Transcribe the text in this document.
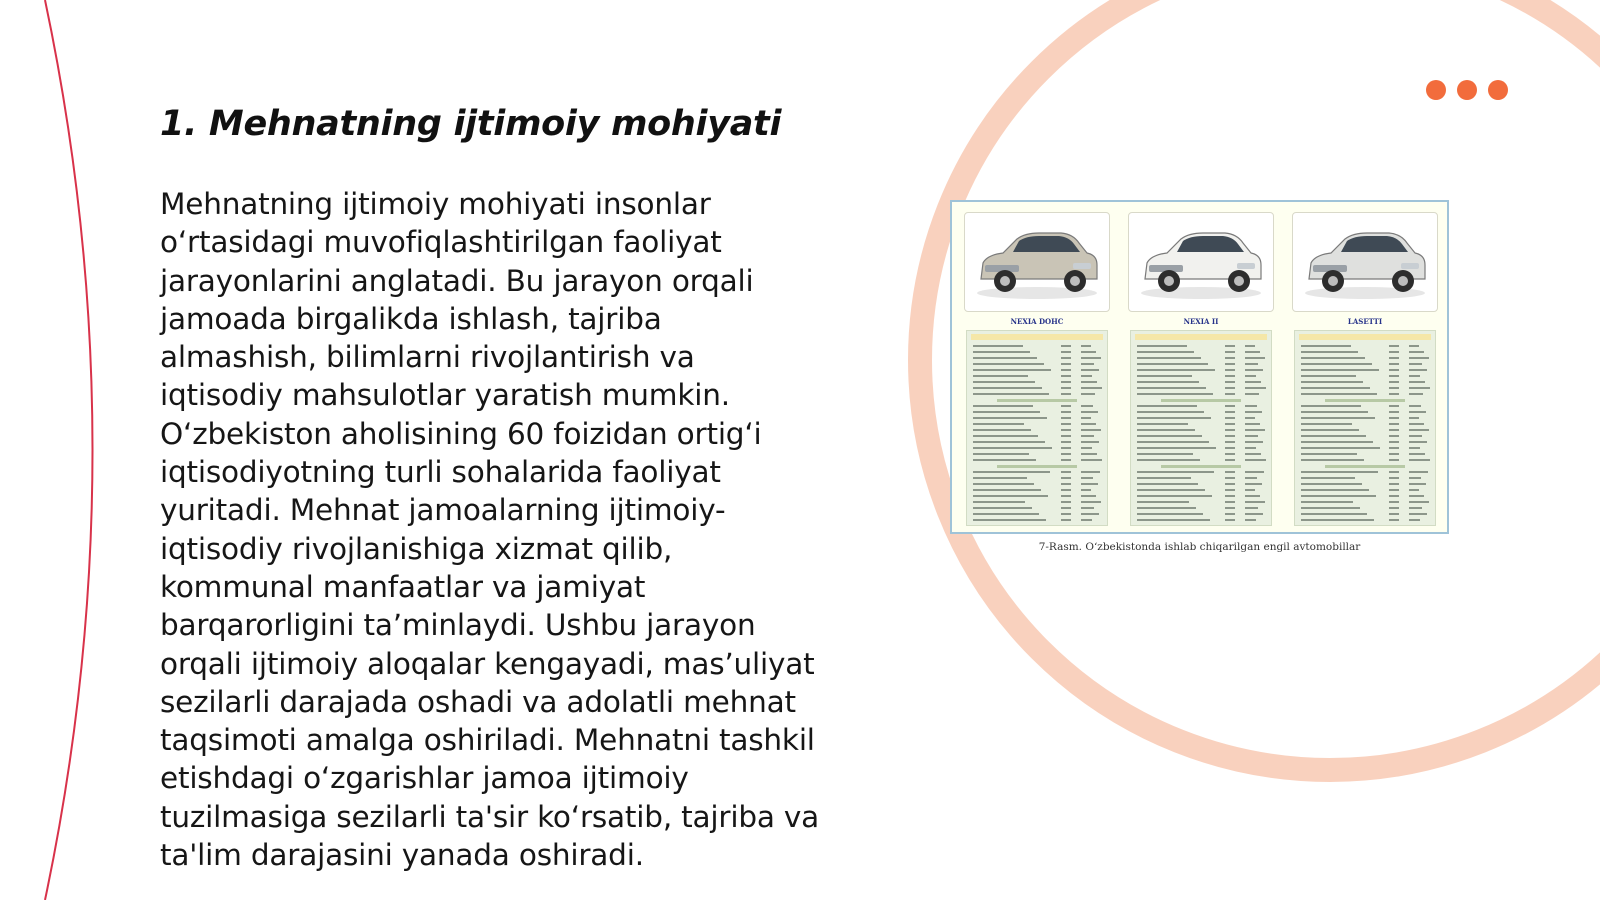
1. Mehnatning ijtimoiy mohiyati
Mehnatning ijtimoiy mohiyati insonlar
oʻrtasidagi muvofiqlashtirilgan faoliyat
jarayonlarini anglatadi. Bu jarayon orqali
jamoada birgalikda ishlash, tajriba
almashish, bilimlarni rivojlantirish va
iqtisodiy mahsulotlar yaratish mumkin.
Oʻzbekiston aholisining 60 foizidan ortigʻi
iqtisodiyotning turli sohalarida faoliyat
yuritadi. Mehnat jamoalarning ijtimoiy-
iqtisodiy rivojlanishiga xizmat qilib,
kommunal manfaatlar va jamiyat
barqarorligini ta’minlaydi. Ushbu jarayon
orqali ijtimoiy aloqalar kengayadi, mas’uliyat
sezilarli darajada oshadi va adolatli mehnat
taqsimoti amalga oshiriladi. Mehnatni tashkil
etishdagi oʻzgarishlar jamoa ijtimoiy
tuzilmasiga sezilarli ta'sir koʻrsatib, tajriba va
ta'lim darajasini yanada oshiradi.
NEXIA DOHC	NEXIA II	LASETTI
7-Rasm. Oʻzbekistonda ishlab chiqarilgan engil avtomobillar
